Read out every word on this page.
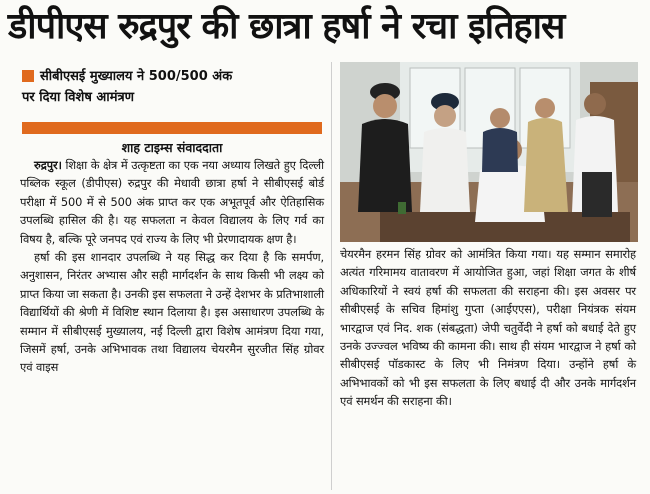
डीपीएस रुद्रपुर की छात्रा हर्षा ने रचा इतिहास
सीबीएसई मुख्यालय ने 500/500 अंक
पर दिया विशेष आमंत्रण
शाह टाइम्स संवाददाता

रुद्रपुर। शिक्षा के क्षेत्र में उत्कृष्टता का एक नया अध्याय लिखते हुए दिल्ली पब्लिक स्कूल (डीपीएस) रुद्रपुर की मेधावी छात्रा हर्षा ने सीबीएसई बोर्ड परीक्षा में 500 में से 500 अंक प्राप्त कर एक अभूतपूर्व और ऐतिहासिक उपलब्धि हासिल की है। यह सफलता न केवल विद्यालय के लिए गर्व का विषय है, बल्कि पूरे जनपद एवं राज्य के लिए भी प्रेरणादायक क्षण है।

हर्षा की इस शानदार उपलब्धि ने यह सिद्ध कर दिया है कि समर्पण, अनुशासन, निरंतर अभ्यास और सही मार्गदर्शन के साथ किसी भी लक्ष्य को प्राप्त किया जा सकता है। उनकी इस सफलता ने उन्हें देशभर के प्रतिभाशाली विद्यार्थियों की श्रेणी में विशिष्ट स्थान दिलाया है। इस असाधारण उपलब्धि के सम्मान में सीबीएसई मुख्यालय, नई दिल्ली द्वारा विशेष आमंत्रण दिया गया, जिसमें हर्षा, उनके अभिभावक तथा विद्यालय चेयरमैन सुरजीत सिंह ग्रोवर एवं वाइस

चेयरमैन हरमन सिंह ग्रोवर को आमंत्रित किया गया। यह सम्मान समारोह अत्यंत गरिमामय वातावरण में आयोजित हुआ, जहां शिक्षा जगत के शीर्ष अधिकारियों ने स्वयं हर्षा की सफलता की सराहना की। इस अवसर पर सीबीएसई के सचिव हिमांशु गुप्ता (आईएएस), परीक्षा नियंत्रक संयम भारद्वाज एवं निद. शक (संबद्धता) जेपी चतुर्वेदी ने हर्षा को बधाई देते हुए उनके उज्ज्वल भविष्य की कामना की। साथ ही संयम भारद्वाज ने हर्षा को सीबीएसई पॉडकास्ट के लिए भी निमंत्रण दिया। उन्होंने हर्षा के अभिभावकों को भी इस सफलता के लिए बधाई दी और उनके मार्गदर्शन एवं समर्थन की सराहना की।
